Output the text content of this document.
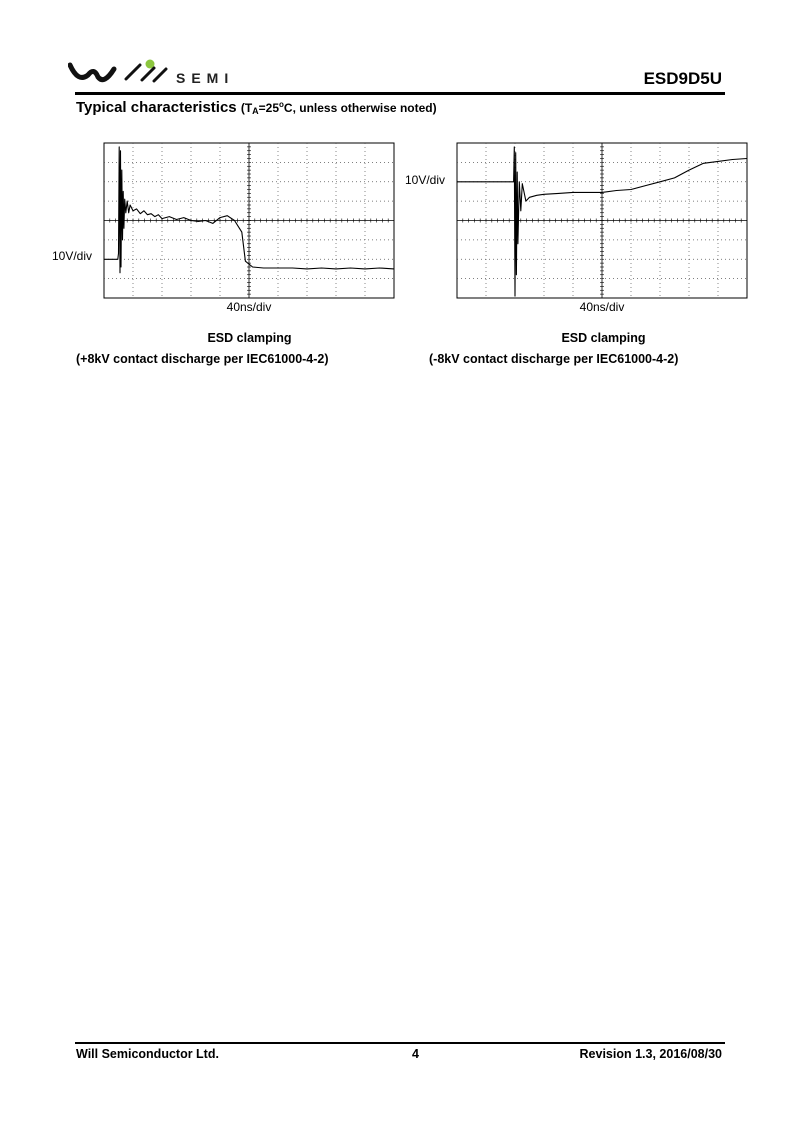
SEMI	ESD9D5U
Typical characteristics ($T_A=25^oC$, unless otherwise noted)
10V/div
40ns/div
ESD clamping
(+8kV contact discharge per IEC61000-4-2)
10V/div
40ns/div
ESD clamping
(-8kV contact discharge per IEC61000-4-2)
Will Semiconductor Ltd.	4	Revision 1.3, 2016/08/30
